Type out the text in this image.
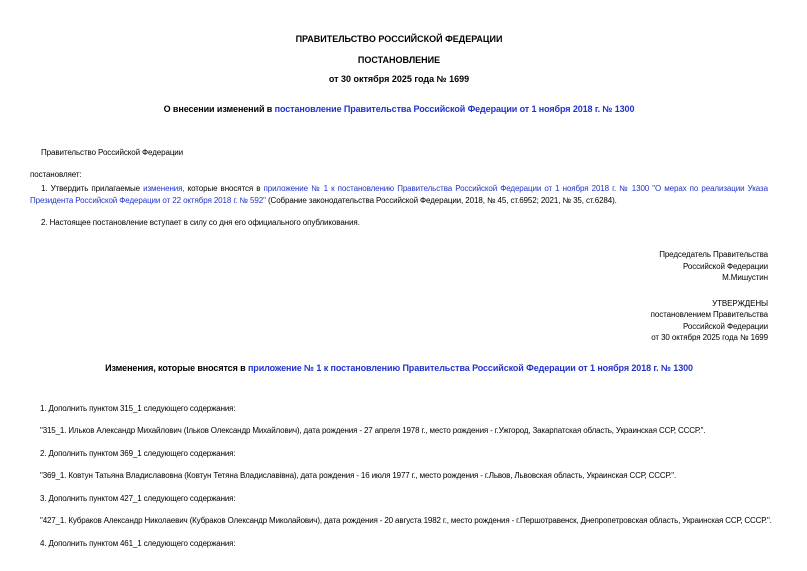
ПРАВИТЕЛЬСТВО РОССИЙСКОЙ ФЕДЕРАЦИИ
ПОСТАНОВЛЕНИЕ
от 30 октября 2025 года № 1699
О внесении изменений в постановление Правительства Российской Федерации от 1 ноября 2018 г. № 1300
Правительство Российской Федерации
постановляет:
1. Утвердить прилагаемые изменения, которые вносятся в приложение № 1 к постановлению Правительства Российской Федерации от 1 ноября 2018 г. № 1300 "О мерах по реализации Указа Президента Российской Федерации от 22 октября 2018 г. № 592" (Собрание законодательства Российской Федерации, 2018, № 45, ст.6952; 2021, № 35, ст.6284).
2. Настоящее постановление вступает в силу со дня его официального опубликования.
Председатель Правительства
Российской Федерации
М.Мишустин
УТВЕРЖДЕНЫ
постановлением Правительства
Российской Федерации
от 30 октября 2025 года № 1699
Изменения, которые вносятся в приложение № 1 к постановлению Правительства Российской Федерации от 1 ноября 2018 г. № 1300
1. Дополнить пунктом 315_1 следующего содержания:
"315_1. Ильков Александр Михайлович (Ільков Олександр Михайлович), дата рождения - 27 апреля 1978 г., место рождения - г.Ужгород, Закарпатская область, Украинская ССР, СССР.".
2. Дополнить пунктом 369_1 следующего содержания:
"369_1. Ковтун Татьяна Владиславовна (Ковтун Тетяна Владиславівна), дата рождения - 16 июля 1977 г., место рождения - г.Львов, Львовская область, Украинская ССР, СССР.".
3. Дополнить пунктом 427_1 следующего содержания:
"427_1. Кубраков Александр Николаевич (Кубраков Олександр Миколайович), дата рождения - 20 августа 1982 г., место рождения - г.Першотравенск, Днепропетровская область, Украинская ССР, СССР.".
4. Дополнить пунктом 461_1 следующего содержания:
